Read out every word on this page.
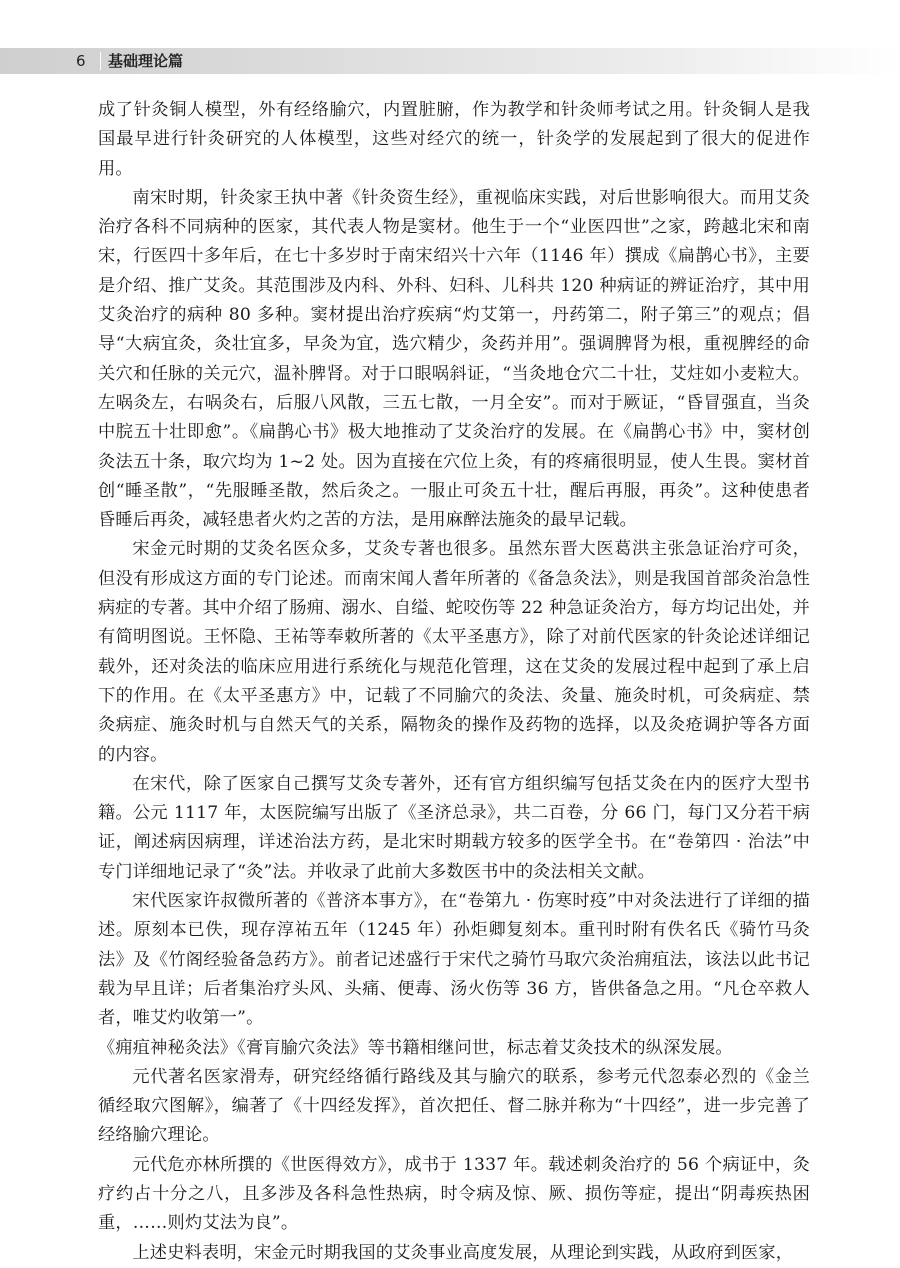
6 基础理论篇

成了针灸铜人模型，外有经络腧穴，内置脏腑，作为教学和针灸师考试之用。针灸铜人是我国最早进行针灸研究的人体模型，这些对经穴的统一，针灸学的发展起到了很大的促进作用。

南宋时期，针灸家王执中著《针灸资生经》，重视临床实践，对后世影响很大。而用艾灸治疗各科不同病种的医家，其代表人物是窦材。他生于一个“业医四世”之家，跨越北宋和南宋，行医四十多年后，在七十多岁时于南宋绍兴十六年（1146 年）撰成《扁鹊心书》，主要是介绍、推广艾灸。其范围涉及内科、外科、妇科、儿科共 120 种病证的辨证治疗，其中用艾灸治疗的病种 80 多种。窦材提出治疗疾病“灼艾第一，丹药第二，附子第三”的观点；倡导“大病宜灸，灸壮宜多，早灸为宜，选穴精少，灸药并用”。强调脾肾为根，重视脾经的命关穴和任脉的关元穴，温补脾肾。对于口眼㖞斜证，“当灸地仓穴二十壮，艾炷如小麦粒大。左㖞灸左，右㖞灸右，后服八风散，三五七散，一月全安”。而对于厥证，“昏冒强直，当灸中脘五十壮即愈”。《扁鹊心书》极大地推动了艾灸治疗的发展。在《扁鹊心书》中，窦材创灸法五十条，取穴均为 1~2 处。因为直接在穴位上灸，有的疼痛很明显，使人生畏。窦材首创“睡圣散”，“先服睡圣散，然后灸之。一服止可灸五十壮，醒后再服，再灸”。这种使患者昏睡后再灸，减轻患者火灼之苦的方法，是用麻醉法施灸的最早记载。

宋金元时期的艾灸名医众多，艾灸专著也很多。虽然东晋大医葛洪主张急证治疗可灸，但没有形成这方面的专门论述。而南宋闻人耆年所著的《备急灸法》，则是我国首部灸治急性病症的专著。其中介绍了肠痈、溺水、自缢、蛇咬伤等 22 种急证灸治方，每方均记出处，并有简明图说。王怀隐、王祐等奉敕所著的《太平圣惠方》，除了对前代医家的针灸论述详细记载外，还对灸法的临床应用进行系统化与规范化管理，这在艾灸的发展过程中起到了承上启下的作用。在《太平圣惠方》中，记载了不同腧穴的灸法、灸量、施灸时机，可灸病症、禁灸病症、施灸时机与自然天气的关系，隔物灸的操作及药物的选择，以及灸疮调护等各方面的内容。

在宋代，除了医家自己撰写艾灸专著外，还有官方组织编写包括艾灸在内的医疗大型书籍。公元 1117 年，太医院编写出版了《圣济总录》，共二百卷，分 66 门，每门又分若干病证，阐述病因病理，详述治法方药，是北宋时期载方较多的医学全书。在“卷第四 · 治法”中专门详细地记录了“灸”法。并收录了此前大多数医书中的灸法相关文献。

宋代医家许叔微所著的《普济本事方》，在“卷第九 · 伤寒时疫”中对灸法进行了详细的描述。原刻本已佚，现存淳祐五年（1245 年）孙炬卿复刻本。重刊时附有佚名氏《骑竹马灸法》及《竹阁经验备急药方》。前者记述盛行于宋代之骑竹马取穴灸治痈疽法，该法以此书记载为早且详；后者集治疗头风、头痛、便毒、汤火伤等 36 方，皆供备急之用。“凡仓卒救人者，唯艾灼收第一”。

《痈疽神秘灸法》《膏肓腧穴灸法》等书籍相继问世，标志着艾灸技术的纵深发展。

元代著名医家滑寿，研究经络循行路线及其与腧穴的联系，参考元代忽泰必烈的《金兰循经取穴图解》，编著了《十四经发挥》，首次把任、督二脉并称为“十四经”，进一步完善了经络腧穴理论。

元代危亦林所撰的《世医得效方》，成书于 1337 年。载述刺灸治疗的 56 个病证中，灸疗约占十分之八，且多涉及各科急性热病，时令病及惊、厥、损伤等症，提出“阴毒疾热困重，……则灼艾法为良”。

上述史料表明，宋金元时期我国的艾灸事业高度发展，从理论到实践，从政府到医家，
